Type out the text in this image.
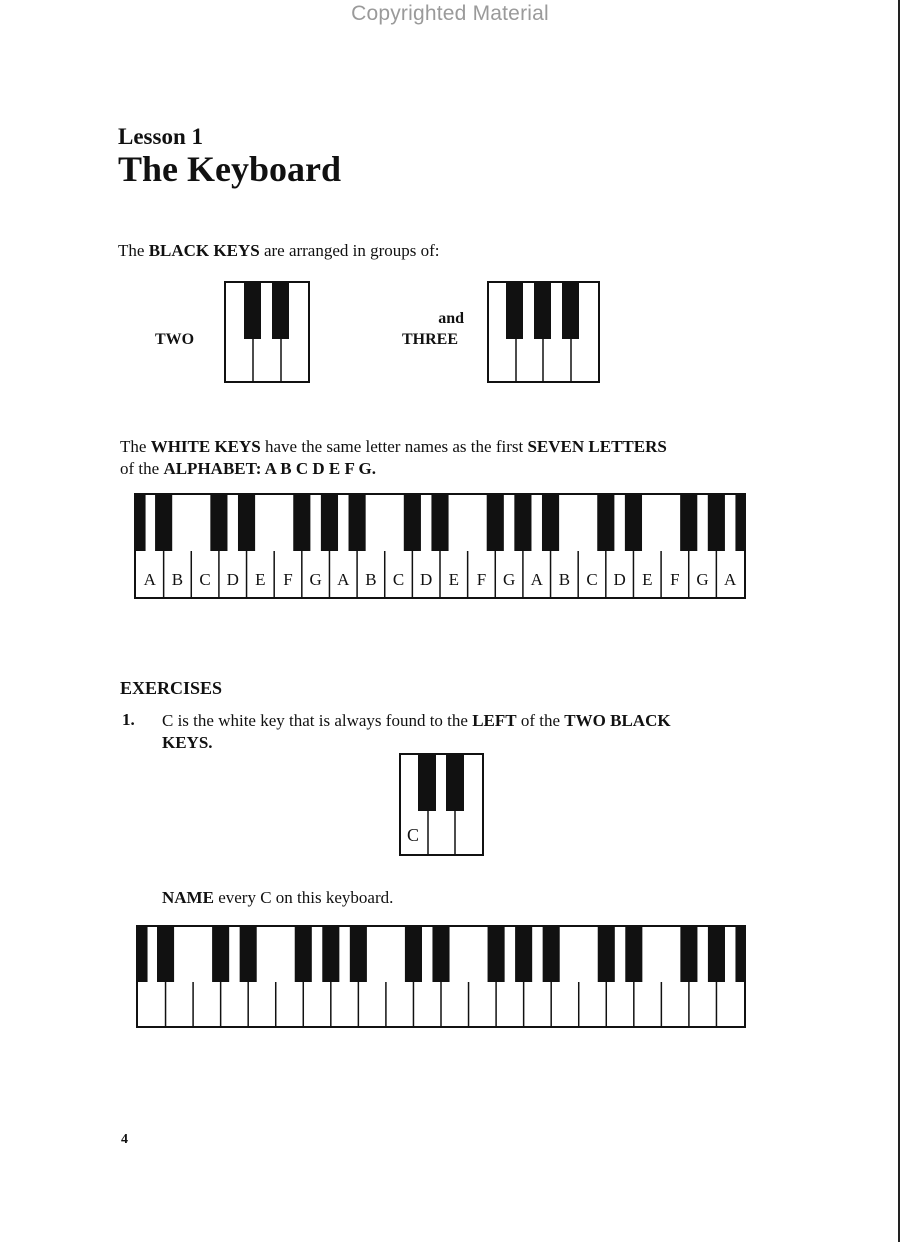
Copyrighted Material
Lesson 1
The Keyboard
The BLACK KEYS are arranged in groups of:
TWO
and
THREE
The WHITE KEYS have the same letter names as the first SEVEN LETTERS
of the ALPHABET: A B C D E F G.
A B C D E F G A B C D E F G A B C D E F G A
EXERCISES
1. C is the white key that is always found to the LEFT of the TWO BLACK KEYS.
C
NAME every C on this keyboard.
4
